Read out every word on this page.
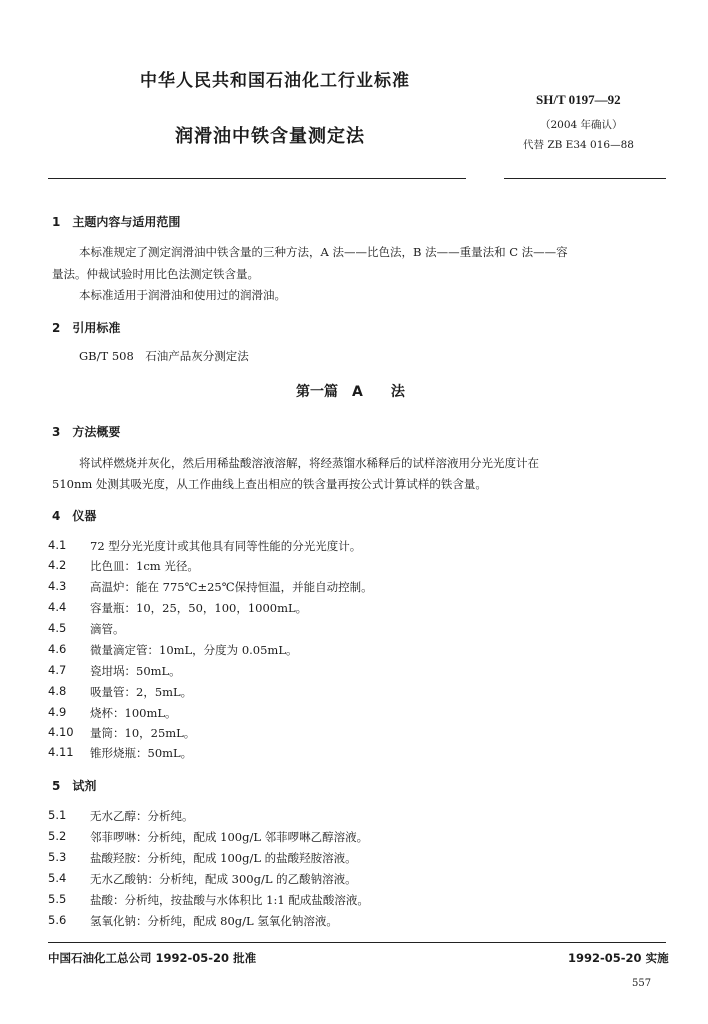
中华人民共和国石油化工行业标准
SH/T 0197—92
（2004 年确认）
润滑油中铁含量测定法	代替 ZB E34 016—88
1　主题内容与适用范围
本标准规定了测定润滑油中铁含量的三种方法，A 法——比色法，B 法——重量法和 C 法——容
量法。仲裁试验时用比色法测定铁含量。
本标准适用于润滑油和使用过的润滑油。
2　引用标准
GB/T 508　石油产品灰分测定法
第一篇　A　　法
3　方法概要
将试样燃烧并灰化，然后用稀盐酸溶液溶解，将经蒸馏水稀释后的试样溶液用分光光度计在
510nm 处测其吸光度，从工作曲线上查出相应的铁含量再按公式计算试样的铁含量。
4　仪器
4.1 72 型分光光度计或其他具有同等性能的分光光度计。
4.2 比色皿：1cm 光径。
4.3 高温炉：能在 775℃±25℃保持恒温，并能自动控制。
4.4 容量瓶：10，25，50，100，1000mL。
4.5 滴管。
4.6 微量滴定管：10mL，分度为 0.05mL。
4.7 瓷坩埚：50mL。
4.8 吸量管：2，5mL。
4.9 烧杯：100mL。
4.10 量筒：10，25mL。
4.11 锥形烧瓶：50mL。
5　试剂
5.1 无水乙醇：分析纯。
5.2 邻菲啰啉：分析纯，配成 100g/L 邻菲啰啉乙醇溶液。
5.3 盐酸羟胺：分析纯，配成 100g/L 的盐酸羟胺溶液。
5.4 无水乙酸钠：分析纯，配成 300g/L 的乙酸钠溶液。
5.5 盐酸：分析纯，按盐酸与水体积比 1:1 配成盐酸溶液。
5.6 氢氧化钠：分析纯，配成 80g/L 氢氧化钠溶液。
中国石油化工总公司 1992-05-20 批准	1992-05-20 实施
557
